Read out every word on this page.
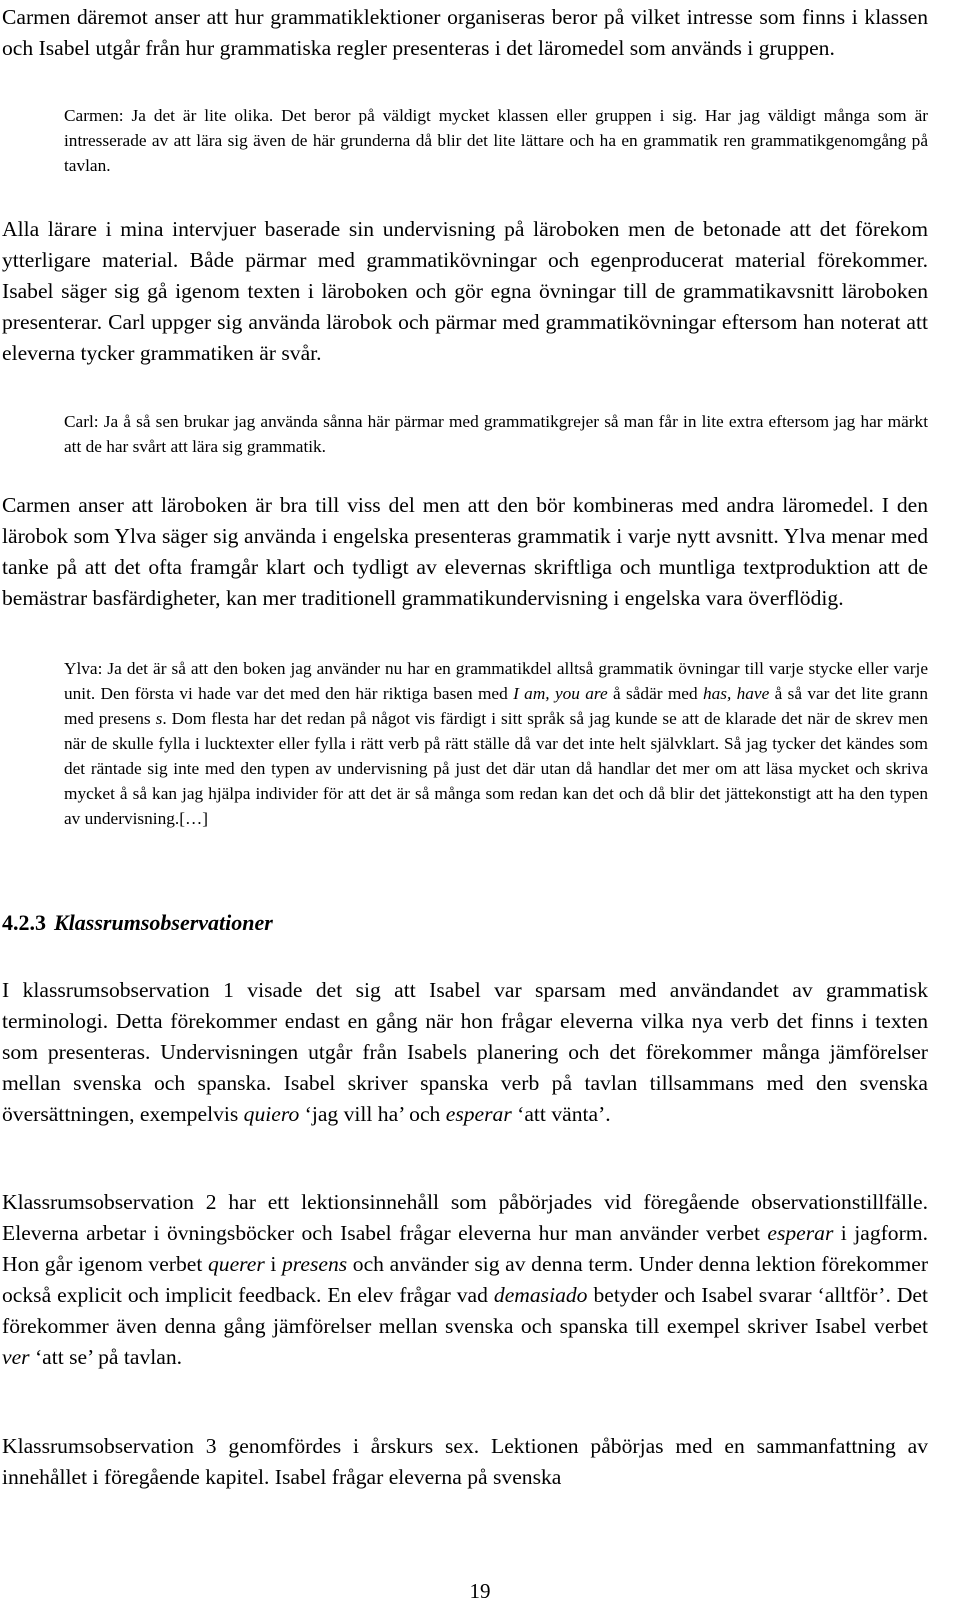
Carmen däremot anser att hur grammatiklektioner organiseras beror på vilket intresse som finns i klassen och Isabel utgår från hur grammatiska regler presenteras i det läromedel som används i gruppen.

Carmen: Ja det är lite olika. Det beror på väldigt mycket klassen eller gruppen i sig. Har jag väldigt många som är intresserade av att lära sig även de här grunderna då blir det lite lättare och ha en grammatik ren grammatikgenomgång på tavlan.

Alla lärare i mina intervjuer baserade sin undervisning på läroboken men de betonade att det förekom ytterligare material. Både pärmar med grammatikövningar och egenproducerat material förekommer. Isabel säger sig gå igenom texten i läroboken och gör egna övningar till de grammatikavsnitt läroboken presenterar. Carl uppger sig använda lärobok och pärmar med grammatikövningar eftersom han noterat att eleverna tycker grammatiken är svår.

Carl: Ja å så sen brukar jag använda sånna här pärmar med grammatikgrejer så man får in lite extra eftersom jag har märkt att de har svårt att lära sig grammatik.

Carmen anser att läroboken är bra till viss del men att den bör kombineras med andra läromedel. I den lärobok som Ylva säger sig använda i engelska presenteras grammatik i varje nytt avsnitt. Ylva menar med tanke på att det ofta framgår klart och tydligt av elevernas skriftliga och muntliga textproduktion att de bemästrar basfärdigheter, kan mer traditionell grammatikundervisning i engelska vara överflödig.

Ylva: Ja det är så att den boken jag använder nu har en grammatikdel alltså grammatik övningar till varje stycke eller varje unit. Den första vi hade var det med den här riktiga basen med I am, you are å sådär med has, have å så var det lite grann med presens s. Dom flesta har det redan på något vis färdigt i sitt språk så jag kunde se att de klarade det när de skrev men när de skulle fylla i lucktexter eller fylla i rätt verb på rätt ställe då var det inte helt självklart. Så jag tycker det kändes som det räntade sig inte med den typen av undervisning på just det där utan då handlar det mer om att läsa mycket och skriva mycket å så kan jag hjälpa individer för att det är så många som redan kan det och då blir det jättekonstigt att ha den typen av undervisning.[…]

4.2.3 Klassrumsobservationer

I klassrumsobservation 1 visade det sig att Isabel var sparsam med användandet av grammatisk terminologi. Detta förekommer endast en gång när hon frågar eleverna vilka nya verb det finns i texten som presenteras. Undervisningen utgår från Isabels planering och det förekommer många jämförelser mellan svenska och spanska. Isabel skriver spanska verb på tavlan tillsammans med den svenska översättningen, exempelvis quiero ‘jag vill ha’ och esperar ‘att vänta’.

Klassrumsobservation 2 har ett lektionsinnehåll som påbörjades vid föregående observationstillfälle. Eleverna arbetar i övningsböcker och Isabel frågar eleverna hur man använder verbet esperar i jagform. Hon går igenom verbet querer i presens och använder sig av denna term. Under denna lektion förekommer också explicit och implicit feedback. En elev frågar vad demasiado betyder och Isabel svarar ‘alltför’. Det förekommer även denna gång jämförelser mellan svenska och spanska till exempel skriver Isabel verbet ver ‘att se’ på tavlan.

Klassrumsobservation 3 genomfördes i årskurs sex. Lektionen påbörjas med en sammanfattning av innehållet i föregående kapitel. Isabel frågar eleverna på svenska

19
